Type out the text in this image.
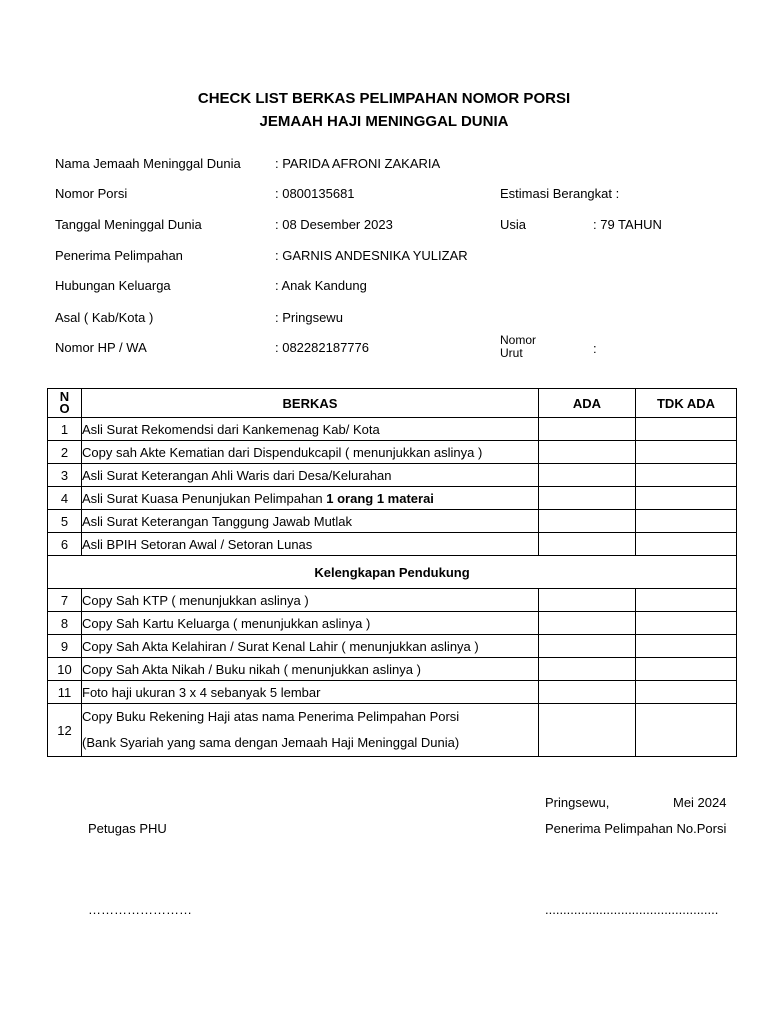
CHECK LIST BERKAS PELIMPAHAN NOMOR PORSI
JEMAAH HAJI MENINGGAL DUNIA
Nama Jemaah Meninggal Dunia	: PARIDA AFRONI ZAKARIA
Nomor Porsi	: 0800135681	Estimasi Berangkat :
Tanggal Meninggal Dunia	: 08 Desember 2023	Usia	: 79 TAHUN
Penerima Pelimpahan	: GARNIS ANDESNIKA YULIZAR
Hubungan Keluarga	: Anak Kandung
Asal ( Kab/Kota )	: Pringsewu
Nomor HP / WA	: 082282187776	Nomor
Urut	:
N
O	BERKAS	ADA	TDK ADA
1	Asli Surat Rekomendsi dari Kankemenag Kab/ Kota		
2	Copy sah Akte Kematian dari Dispendukcapil ( menunjukkan aslinya )		
3	Asli Surat Keterangan Ahli Waris dari Desa/Kelurahan		
4	Asli Surat Kuasa Penunjukan Pelimpahan 1 orang 1 materai		
5	Asli Surat Keterangan Tanggung Jawab Mutlak		
6	Asli BPIH Setoran Awal / Setoran Lunas		
Kelengkapan Pendukung			
7	Copy Sah KTP ( menunjukkan aslinya )		
8	Copy Sah Kartu Keluarga ( menunjukkan aslinya )		
9	Copy Sah Akta Kelahiran / Surat Kenal Lahir ( menunjukkan aslinya )		
10	Copy Sah Akta Nikah / Buku nikah ( menunjukkan aslinya )		
11	Foto haji ukuran 3 x 4 sebanyak 5 lembar		
12	Copy Buku Rekening Haji atas nama Penerima Pelimpahan Porsi
(Bank Syariah yang sama dengan Jemaah Haji Meninggal Dunia)		

Pringsewu,	Mei 2024
Petugas PHU	Penerima Pelimpahan No.Porsi
……………………	................................................
